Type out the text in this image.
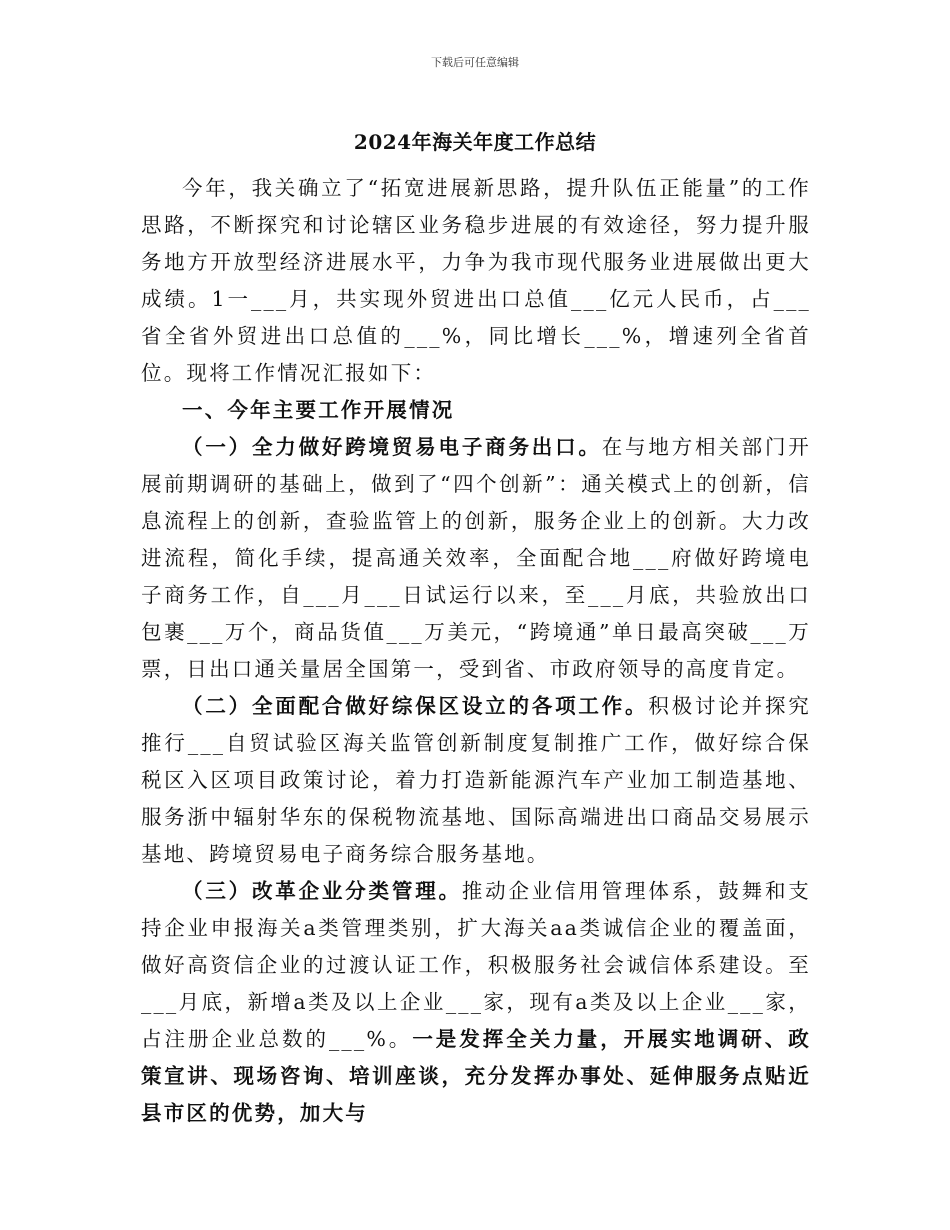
下载后可任意编辑
2024年海关年度工作总结

今年，我关确立了“拓宽进展新思路，提升队伍正能量”的工作思路，不断探究和讨论辖区业务稳步进展的有效途径，努力提升服务地方开放型经济进展水平，力争为我市现代服务业进展做出更大成绩。1一___月，共实现外贸进出口总值___亿元人民币，占___省全省外贸进出口总值的___%，同比增长___%，增速列全省首位。现将工作情况汇报如下：

一、今年主要工作开展情况

（一）全力做好跨境贸易电子商务出口。在与地方相关部门开展前期调研的基础上，做到了“四个创新”：通关模式上的创新，信息流程上的创新，查验监管上的创新，服务企业上的创新。大力改进流程，简化手续，提高通关效率，全面配合地___府做好跨境电子商务工作，自___月___日试运行以来，至___月底，共验放出口包裹___万个，商品货值___万美元，“跨境通”单日最高突破___万票，日出口通关量居全国第一，受到省、市政府领导的高度肯定。

（二）全面配合做好综保区设立的各项工作。积极讨论并探究推行___自贸试验区海关监管创新制度复制推广工作，做好综合保税区入区项目政策讨论，着力打造新能源汽车产业加工制造基地、服务浙中辐射华东的保税物流基地、国际高端进出口商品交易展示基地、跨境贸易电子商务综合服务基地。

（三）改革企业分类管理。推动企业信用管理体系，鼓舞和支持企业申报海关a类管理类别，扩大海关aa类诚信企业的覆盖面，做好高资信企业的过渡认证工作，积极服务社会诚信体系建设。至___月底，新增a类及以上企业___家，现有a类及以上企业___家，占注册企业总数的___%。一是发挥全关力量，开展实地调研、政策宣讲、现场咨询、培训座谈，充分发挥办事处、延伸服务点贴近县市区的优势，加大与
